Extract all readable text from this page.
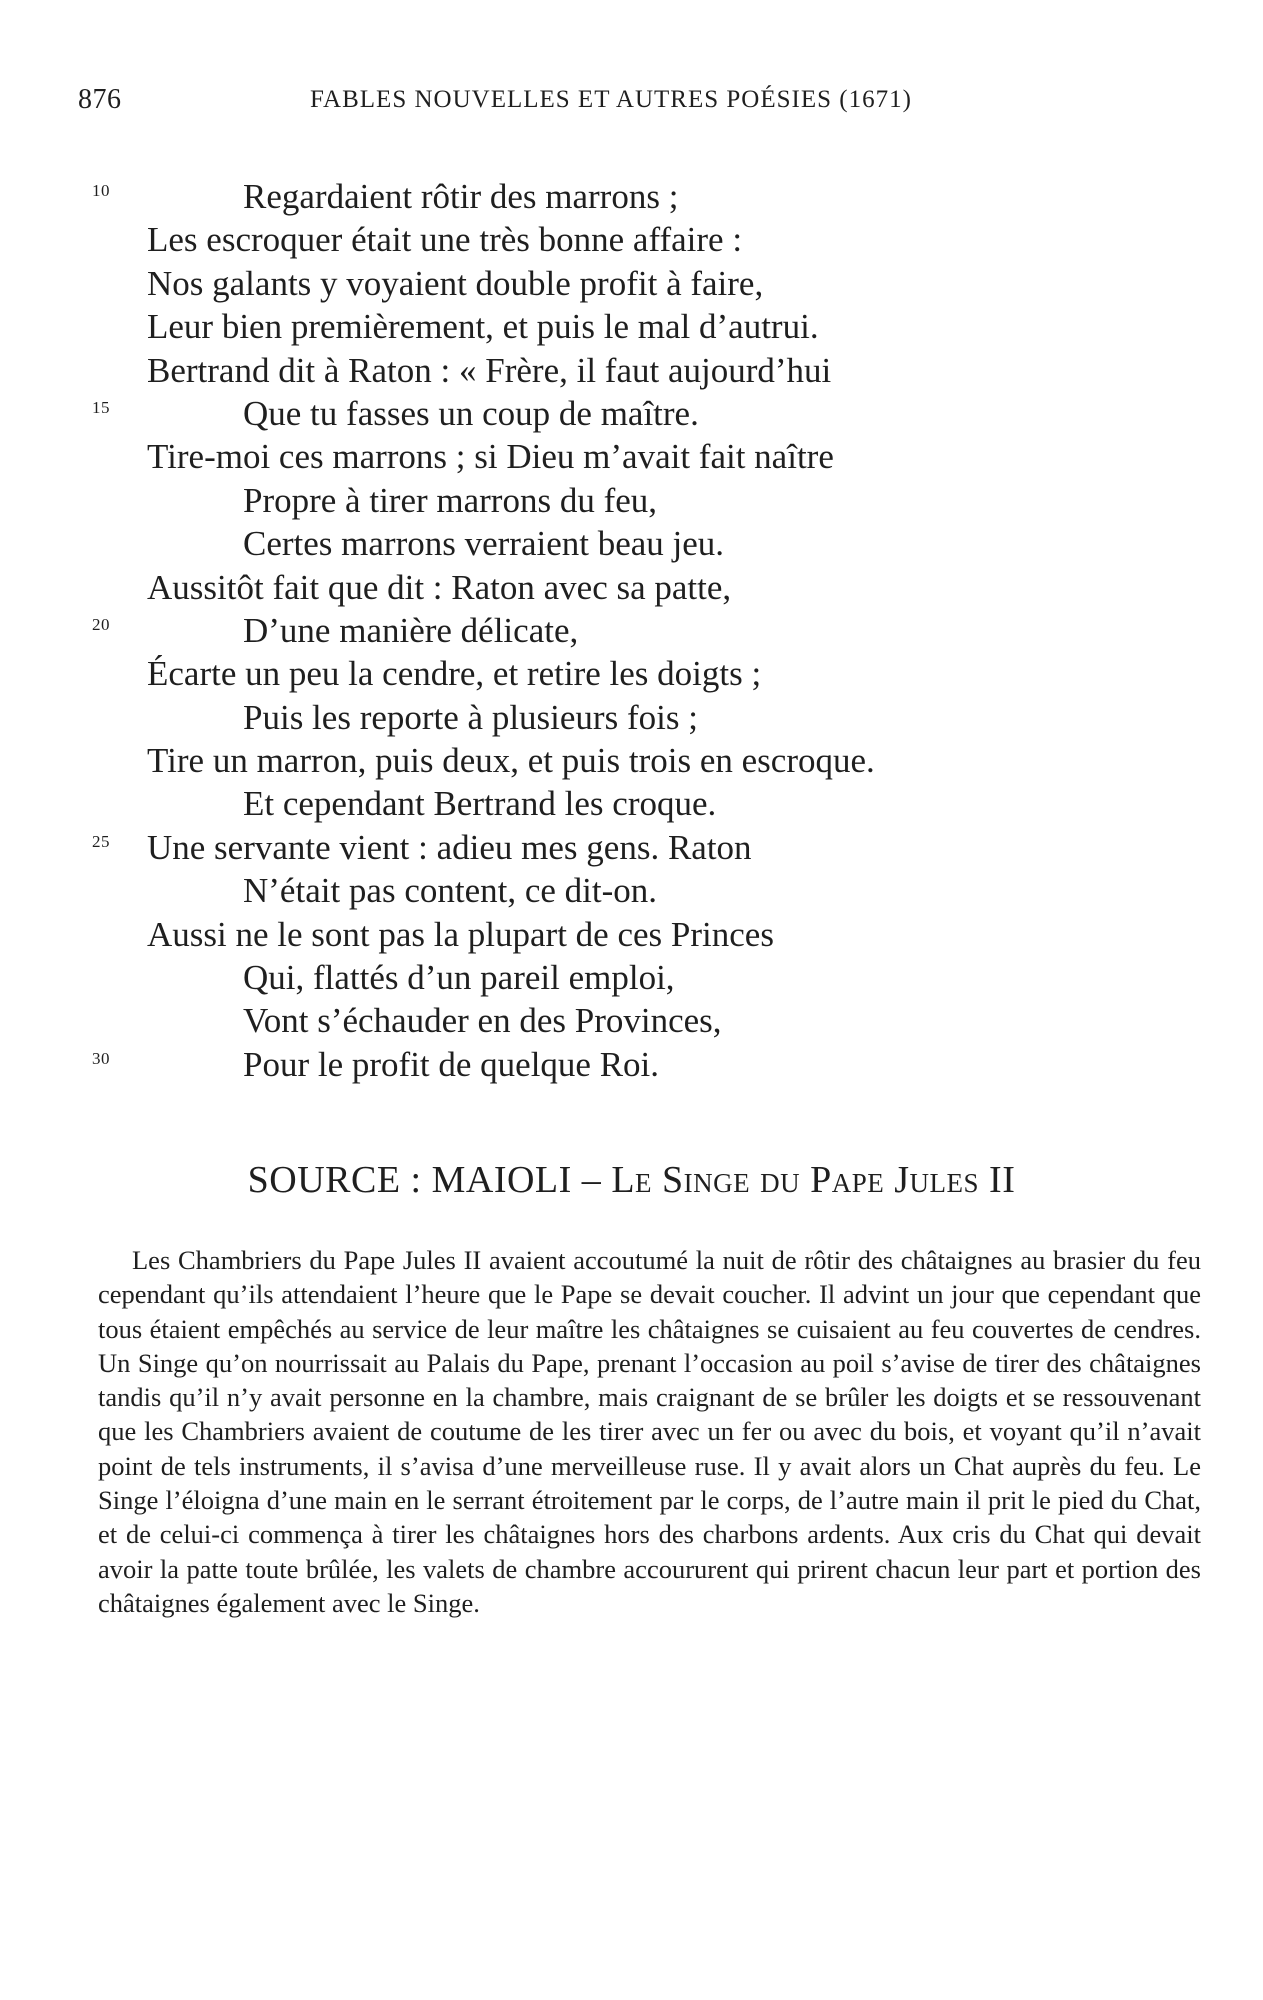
876	FABLES NOUVELLES ET AUTRES POÉSIES (1671)
10	Regardaient rôtir des marrons ;
Les escroquer était une très bonne affaire :
Nos galants y voyaient double profit à faire,
Leur bien premièrement, et puis le mal d’autrui.
Bertrand dit à Raton : « Frère, il faut aujourd’hui
15	Que tu fasses un coup de maître.
Tire-moi ces marrons ; si Dieu m’avait fait naître
Propre à tirer marrons du feu,
Certes marrons verraient beau jeu.
Aussitôt fait que dit : Raton avec sa patte,
20	D’une manière délicate,
Écarte un peu la cendre, et retire les doigts ;
Puis les reporte à plusieurs fois ;
Tire un marron, puis deux, et puis trois en escroque.
Et cependant Bertrand les croque.
25 Une servante vient : adieu mes gens. Raton
N’était pas content, ce dit-on.
Aussi ne le sont pas la plupart de ces Princes
Qui, flattés d’un pareil emploi,
Vont s’échauder en des Provinces,
30	Pour le profit de quelque Roi.
SOURCE : MAIOLI – Le Singe du Pape Jules II

Les Chambriers du Pape Jules II avaient accoutumé la nuit de rôtir des châtaignes au brasier du feu cependant qu’ils attendaient l’heure que le Pape se devait coucher. Il advint un jour que cependant que tous étaient empêchés au service de leur maître les châtaignes se cuisaient au feu couvertes de cendres. Un Singe qu’on nourrissait au Palais du Pape, prenant l’occasion au poil s’avise de tirer des châtaignes tandis qu’il n’y avait personne en la chambre, mais craignant de se brûler les doigts et se ressouvenant que les Chambriers avaient de coutume de les tirer avec un fer ou avec du bois, et voyant qu’il n’avait point de tels instruments, il s’avisa d’une merveilleuse ruse. Il y avait alors un Chat auprès du feu. Le Singe l’éloigna d’une main en le serrant étroitement par le corps, de l’autre main il prit le pied du Chat, et de celui-ci commença à tirer les châtaignes hors des charbons ardents. Aux cris du Chat qui devait avoir la patte toute brûlée, les valets de chambre accoururent qui prirent chacun leur part et portion des châtaignes également avec le Singe.
